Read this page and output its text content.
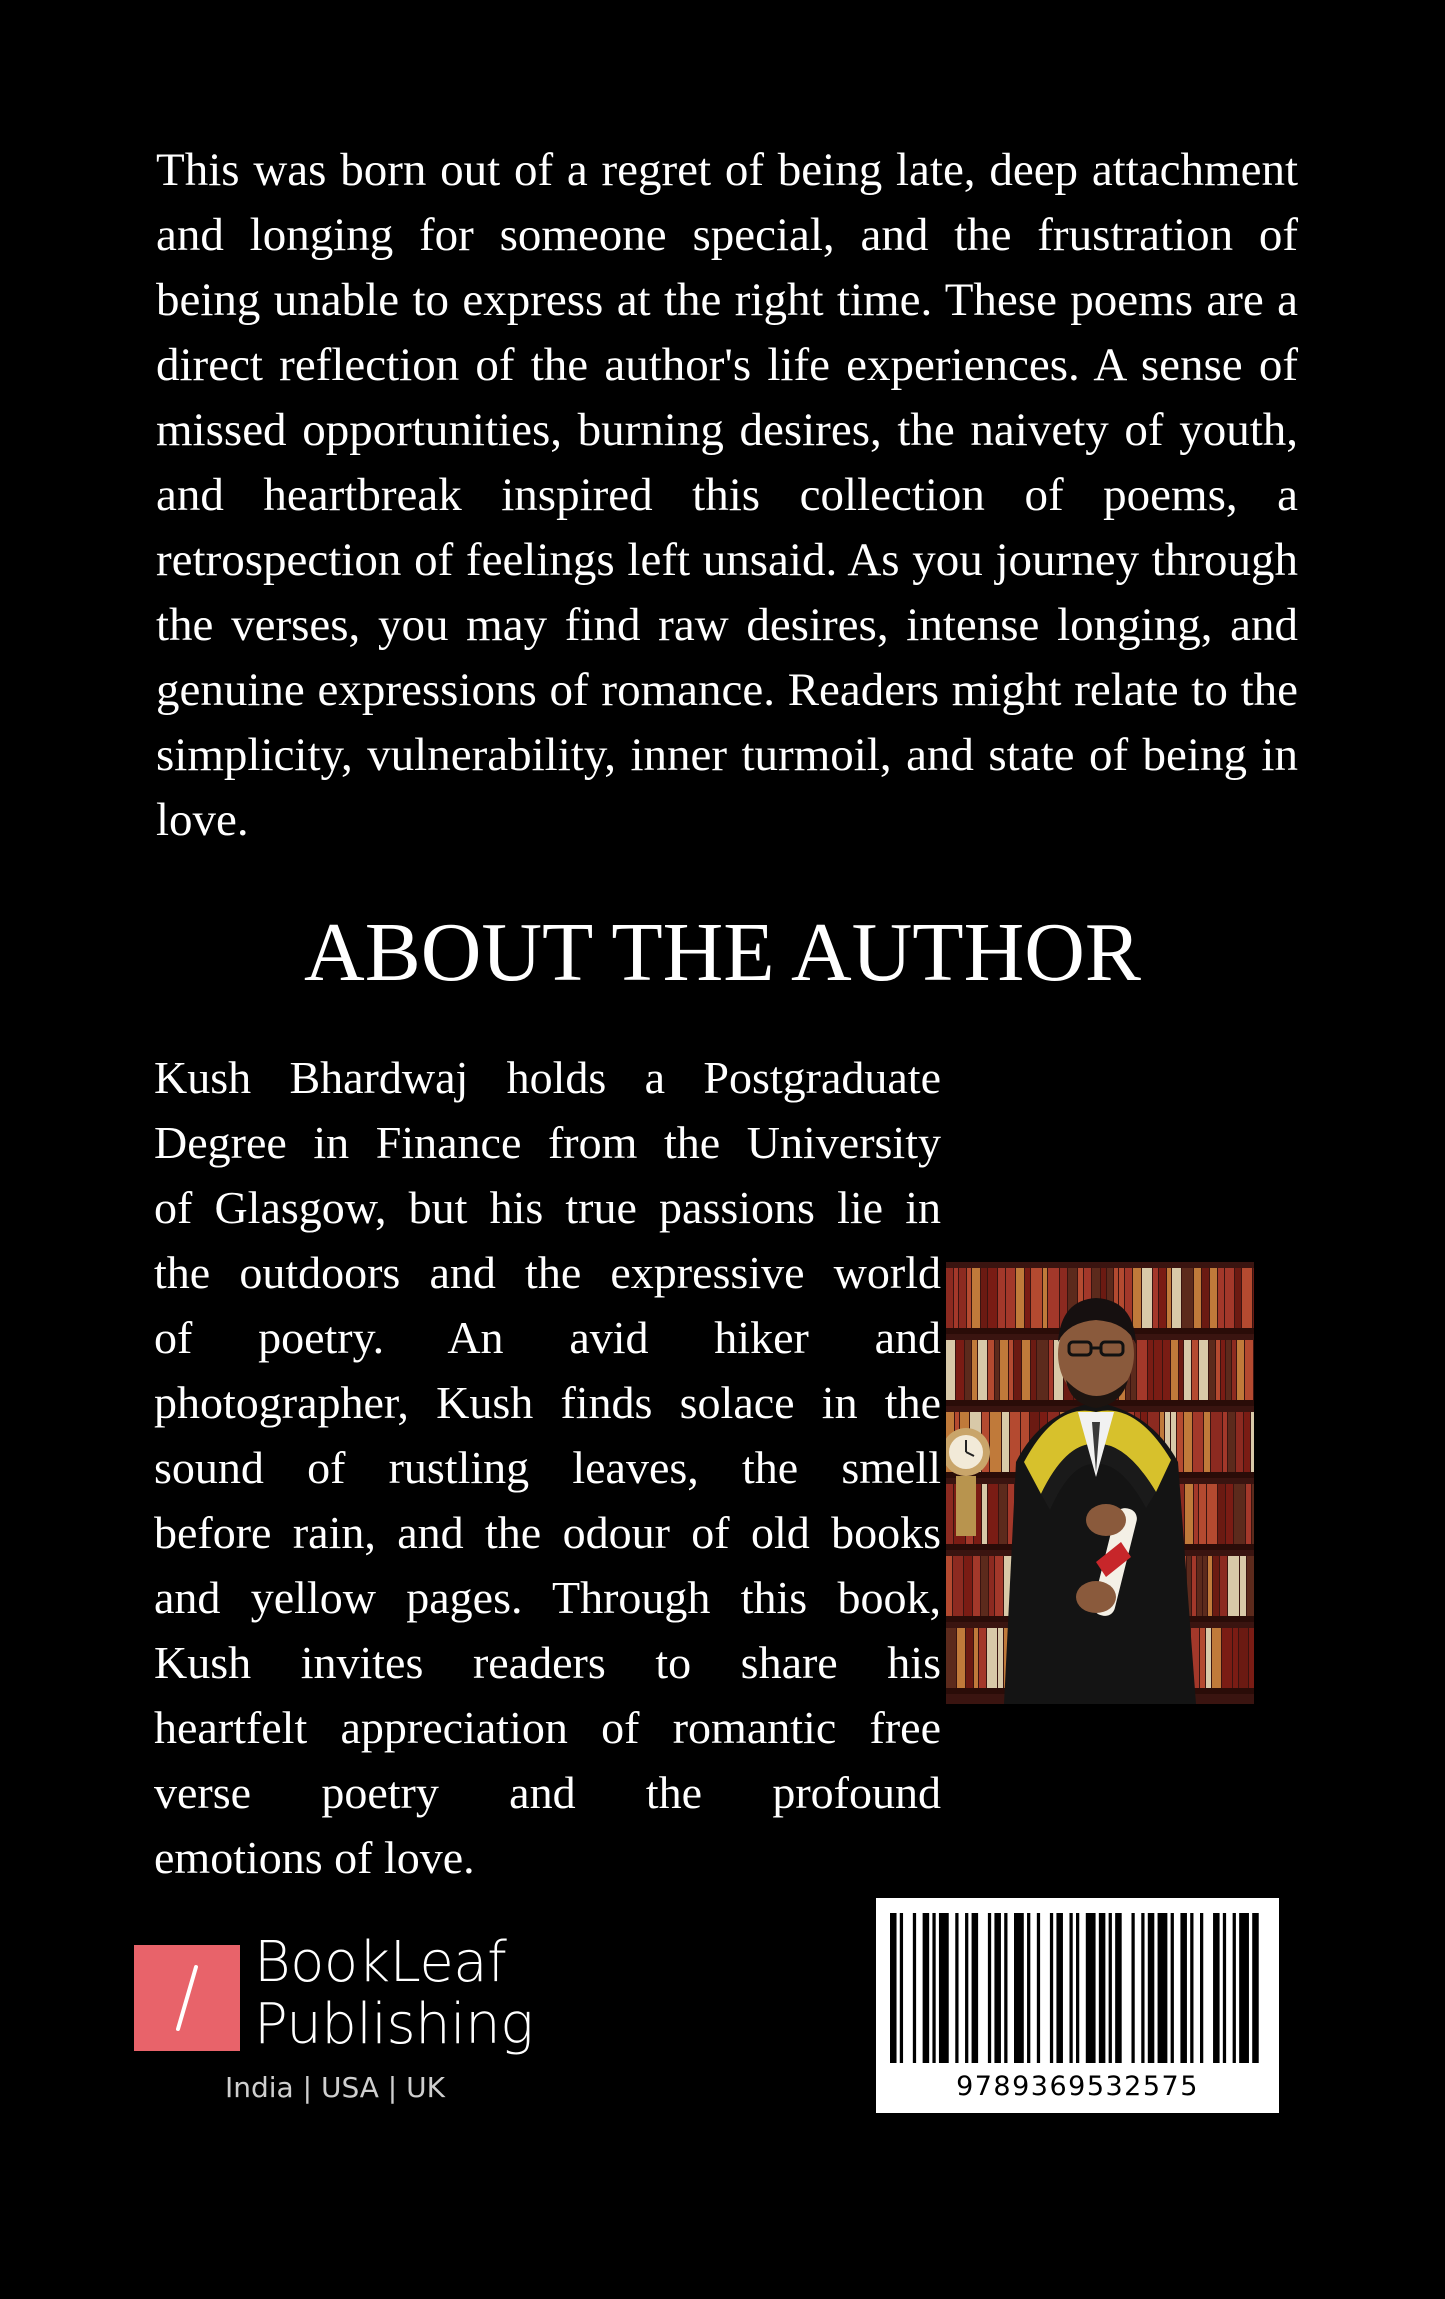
This was born out of a regret of being late, deep attachment and longing for someone special, and the frustration of being unable to express at the right time. These poems are a direct reflection of the author's life experiences. A sense of missed opportunities, burning desires, the naivety of youth, and heartbreak inspired this collection of poems, a retrospection of feelings left unsaid. As you journey through the verses, you may find raw desires, intense longing, and genuine expressions of romance. Readers might relate to the simplicity, vulnerability, inner turmoil, and state of being in love.

ABOUT THE AUTHOR
Kush Bhardwaj holds a Postgraduate
Degree in Finance from the University
of Glasgow, but his true passions lie in
the outdoors and the expressive world
of poetry. An avid hiker and
photographer, Kush finds solace in the
sound of rustling leaves, the smell
before rain, and the odour of old books
and yellow pages. Through this book,
Kush invites readers to share his
heartfelt appreciation of romantic free
verse poetry and the profound
emotions of love.
BookLeaf
Publishing
India | USA | UK	9789369532575
